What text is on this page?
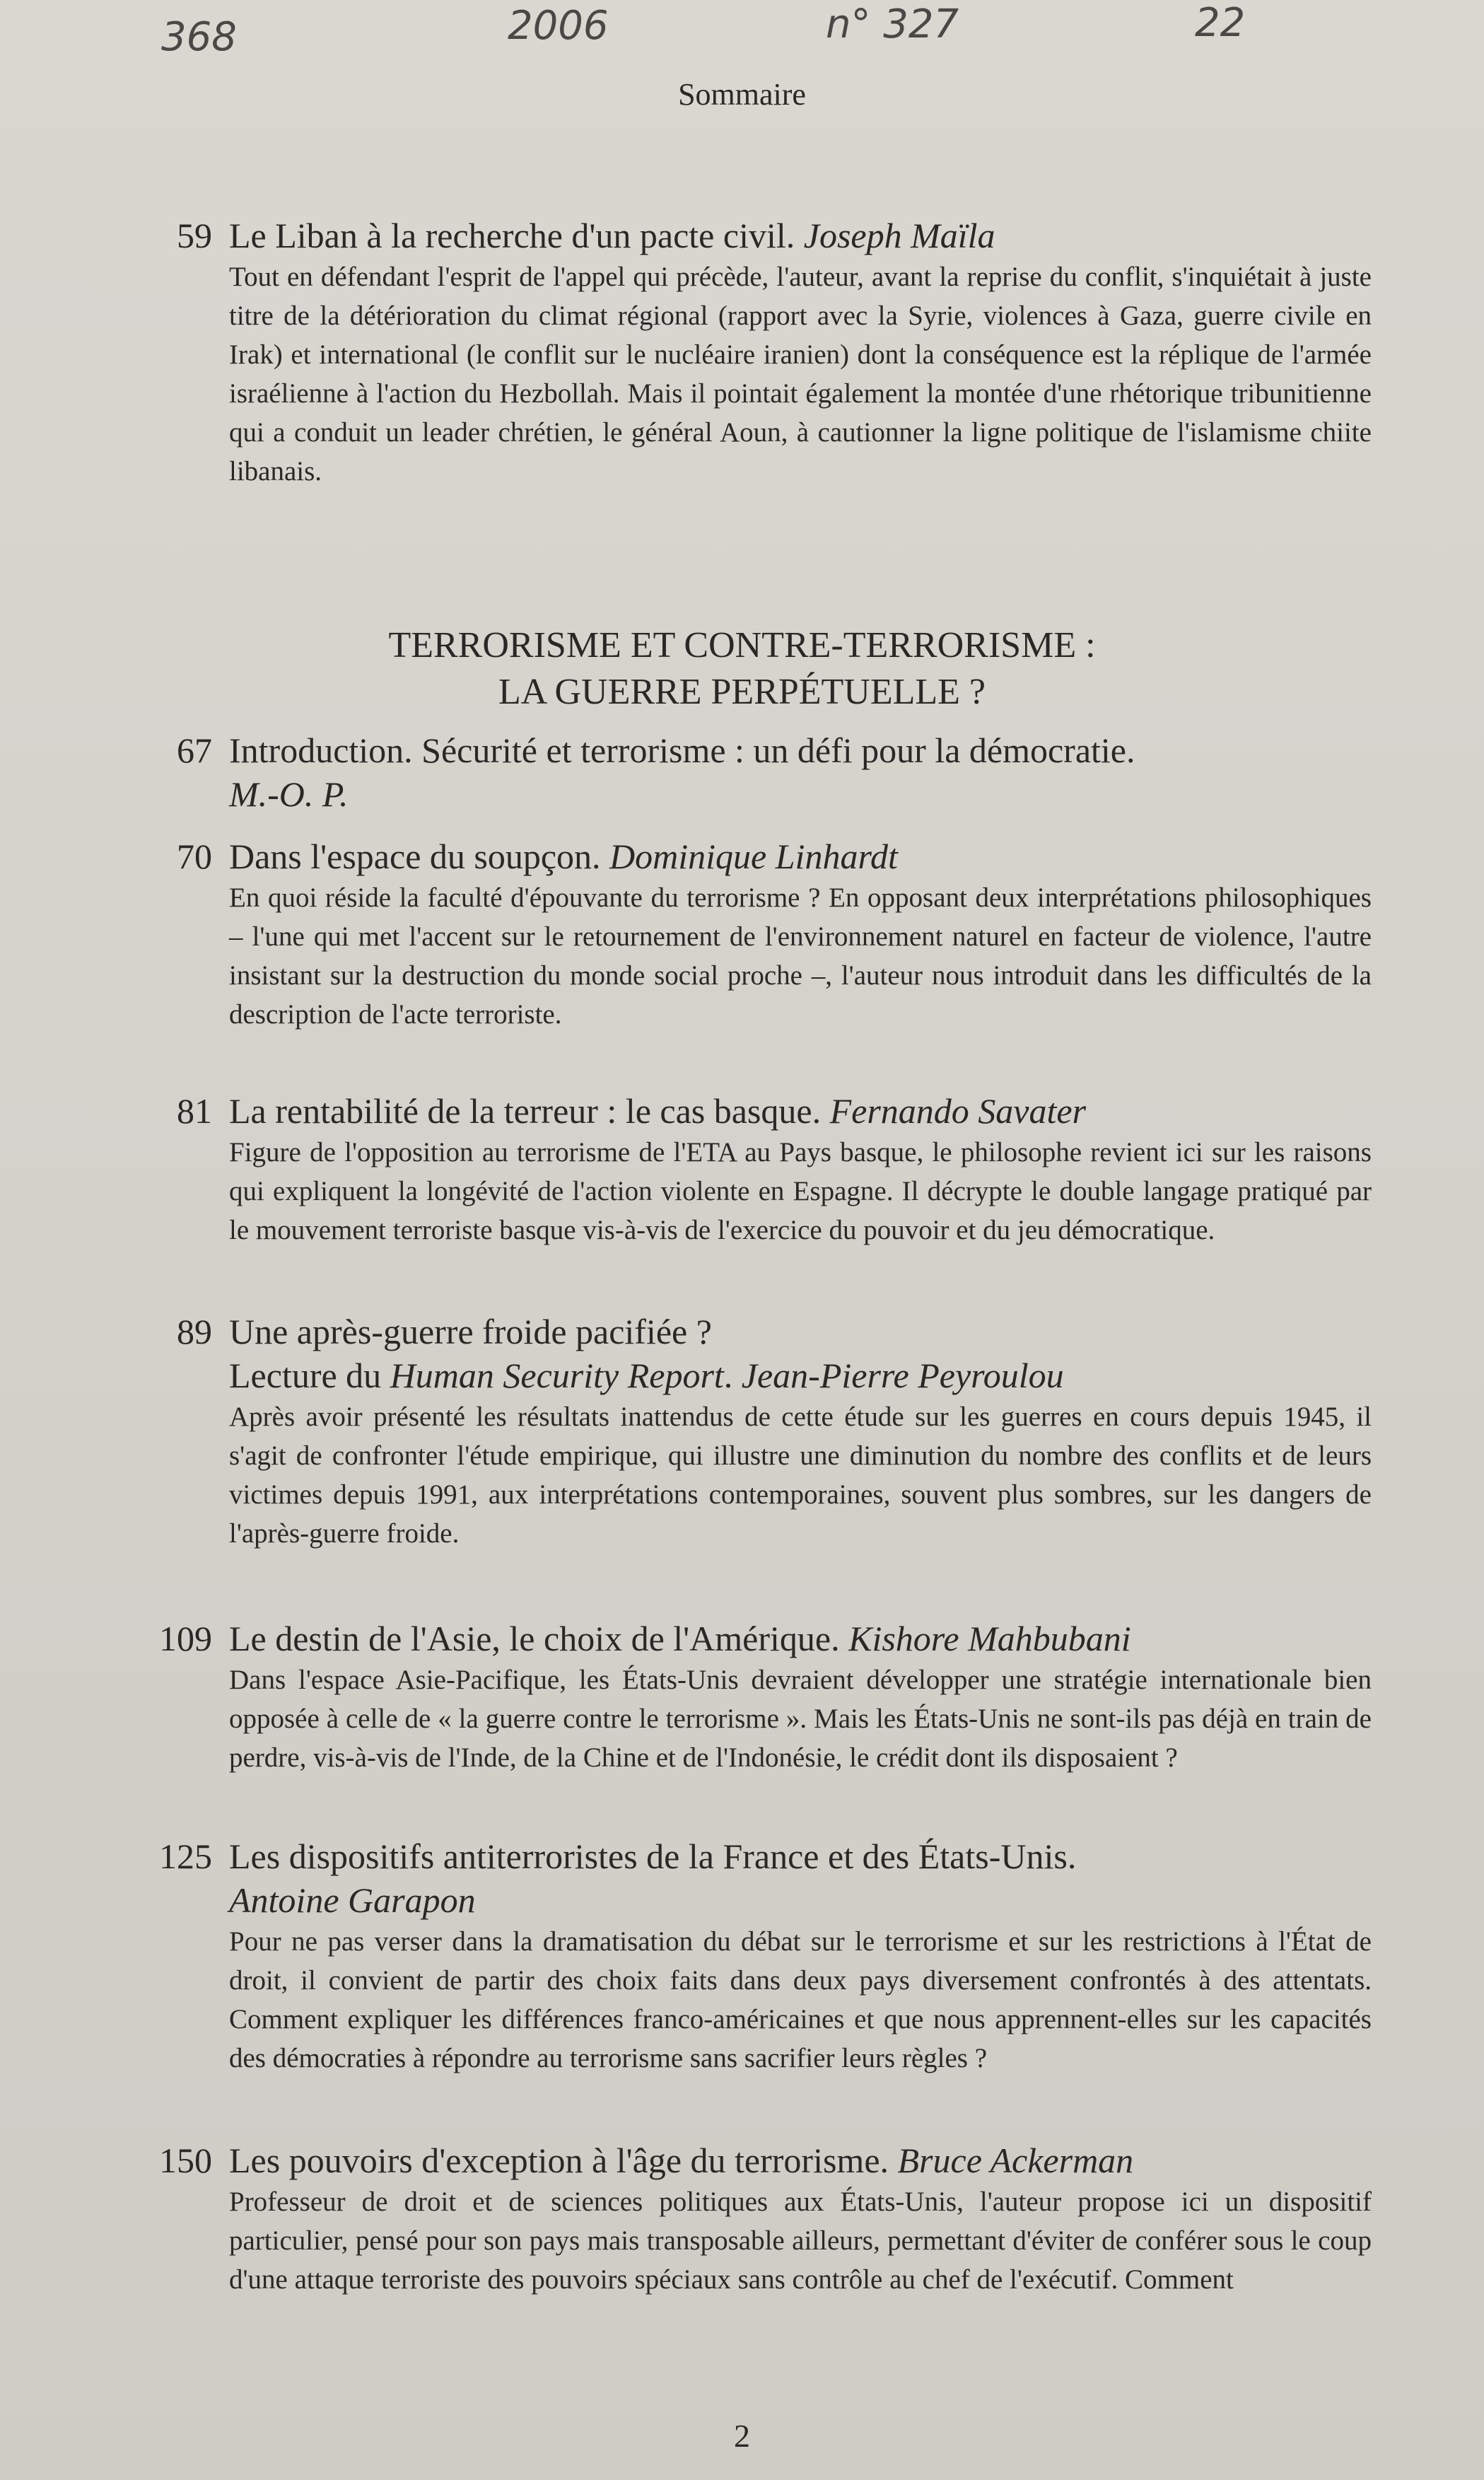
368	2006	n° 327	22
Sommaire
59 Le Liban à la recherche d'un pacte civil.
Joseph Maïla

Tout en défendant l'esprit de l'appel qui précède, l'auteur, avant la reprise du conflit, s'inquiétait à juste titre de la détérioration du climat régional (rapport avec la Syrie, violences à Gaza, guerre civile en Irak) et international (le conflit sur le nucléaire iranien) dont la conséquence est la réplique de l'armée israélienne à l'action du Hezbollah. Mais il pointait également la montée d'une rhétorique tribunitienne qui a conduit un leader chrétien, le général Aoun, à cautionner la ligne politique de l'islamisme chiite libanais.

TERRORISME ET CONTRE-TERRORISME :
LA GUERRE PERPÉTUELLE ?
67 Introduction. Sécurité et terrorisme : un défi pour la démocratie.
M.-O. P.
70 Dans l'espace du soupçon.
Dominique Linhardt

En quoi réside la faculté d'épouvante du terrorisme ? En opposant deux interprétations philosophiques – l'une qui met l'accent sur le retournement de l'environnement naturel en facteur de violence, l'autre insistant sur la destruction du monde social proche –, l'auteur nous introduit dans les difficultés de la description de l'acte terroriste.

81 La rentabilité de la terreur : le cas basque.
Fernando Savater

Figure de l'opposition au terrorisme de l'ETA au Pays basque, le philosophe revient ici sur les raisons qui expliquent la longévité de l'action violente en Espagne. Il décrypte le double langage pratiqué par le mouvement terroriste basque vis-à-vis de l'exercice du pouvoir et du jeu démocratique.

89 Une après-guerre froide pacifiée ?
Lecture du Human Security Report. Jean-Pierre Peyroulou

Après avoir présenté les résultats inattendus de cette étude sur les guerres en cours depuis 1945, il s'agit de confronter l'étude empirique, qui illustre une diminution du nombre des conflits et de leurs victimes depuis 1991, aux interprétations contemporaines, souvent plus sombres, sur les dangers de l'après-guerre froide.

109 Le destin de l'Asie, le choix de l'Amérique.
Kishore Mahbubani

Dans l'espace Asie-Pacifique, les États-Unis devraient développer une stratégie internationale bien opposée à celle de « la guerre contre le terrorisme ». Mais les États-Unis ne sont-ils pas déjà en train de perdre, vis-à-vis de l'Inde, de la Chine et de l'Indonésie, le crédit dont ils disposaient ?

125 Les dispositifs antiterroristes de la France et des États-Unis.
Antoine Garapon

Pour ne pas verser dans la dramatisation du débat sur le terrorisme et sur les restrictions à l'État de droit, il convient de partir des choix faits dans deux pays diversement confrontés à des attentats. Comment expliquer les différences franco-américaines et que nous apprennent-elles sur les capacités des démocraties à répondre au terrorisme sans sacrifier leurs règles ?

150 Les pouvoirs d'exception à l'âge du terrorisme.
Bruce Ackerman

Professeur de droit et de sciences politiques aux États-Unis, l'auteur propose ici un dispositif particulier, pensé pour son pays mais transposable ailleurs, permettant d'éviter de conférer sous le coup d'une attaque terroriste des pouvoirs spéciaux sans contrôle au chef de l'exécutif. Comment

2
